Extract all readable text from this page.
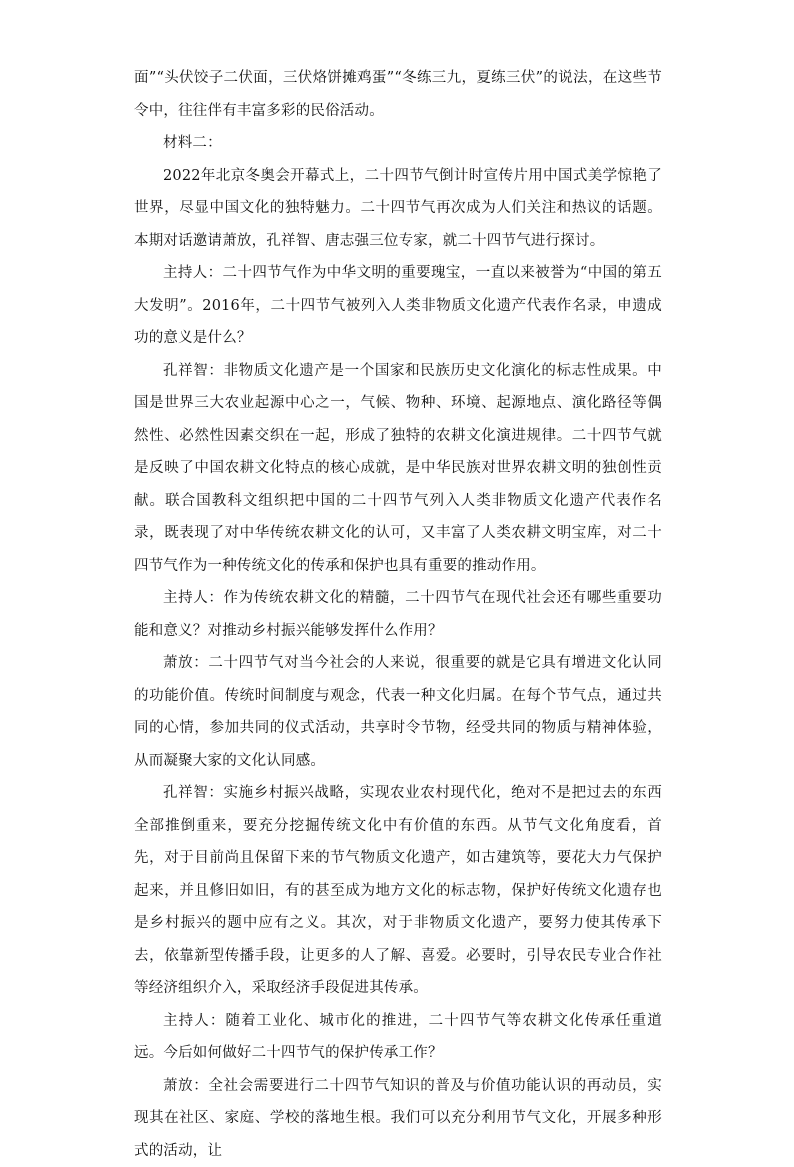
面”“头伏饺子二伏面，三伏烙饼摊鸡蛋”“冬练三九，夏练三伏”的说法，在这些节令中，往往伴有丰富多彩的民俗活动。

材料二：

2022年北京冬奥会开幕式上，二十四节气倒计时宣传片用中国式美学惊艳了世界，尽显中国文化的独特魅力。二十四节气再次成为人们关注和热议的话题。本期对话邀请萧放，孔祥智、唐志强三位专家，就二十四节气进行探讨。

主持人：二十四节气作为中华文明的重要瑰宝，一直以来被誉为“中国的第五大发明”。2016年，二十四节气被列入人类非物质文化遗产代表作名录，申遗成功的意义是什么？

孔祥智：非物质文化遗产是一个国家和民族历史文化演化的标志性成果。中国是世界三大农业起源中心之一，气候、物种、环境、起源地点、演化路径等偶然性、必然性因素交织在一起，形成了独特的农耕文化演进规律。二十四节气就是反映了中国农耕文化特点的核心成就，是中华民族对世界农耕文明的独创性贡献。联合国教科文组织把中国的二十四节气列入人类非物质文化遗产代表作名录，既表现了对中华传统农耕文化的认可，又丰富了人类农耕文明宝库，对二十四节气作为一种传统文化的传承和保护也具有重要的推动作用。

主持人：作为传统农耕文化的精髓，二十四节气在现代社会还有哪些重要功能和意义？对推动乡村振兴能够发挥什么作用？

萧放：二十四节气对当今社会的人来说，很重要的就是它具有增进文化认同的功能价值。传统时间制度与观念，代表一种文化归属。在每个节气点，通过共同的心情，参加共同的仪式活动，共享时令节物，经受共同的物质与精神体验，从而凝聚大家的文化认同感。

孔祥智：实施乡村振兴战略，实现农业农村现代化，绝对不是把过去的东西全部推倒重来，要充分挖掘传统文化中有价值的东西。从节气文化角度看，首先，对于目前尚且保留下来的节气物质文化遗产，如古建筑等，要花大力气保护起来，并且修旧如旧，有的甚至成为地方文化的标志物，保护好传统文化遗存也是乡村振兴的题中应有之义。其次，对于非物质文化遗产，要努力使其传承下去，依靠新型传播手段，让更多的人了解、喜爱。必要时，引导农民专业合作社等经济组织介入，采取经济手段促进其传承。

主持人：随着工业化、城市化的推进，二十四节气等农耕文化传承任重道远。今后如何做好二十四节气的保护传承工作？

萧放：全社会需要进行二十四节气知识的普及与价值功能认识的再动员，实现其在社区、家庭、学校的落地生根。我们可以充分利用节气文化，开展多种形式的活动，让
